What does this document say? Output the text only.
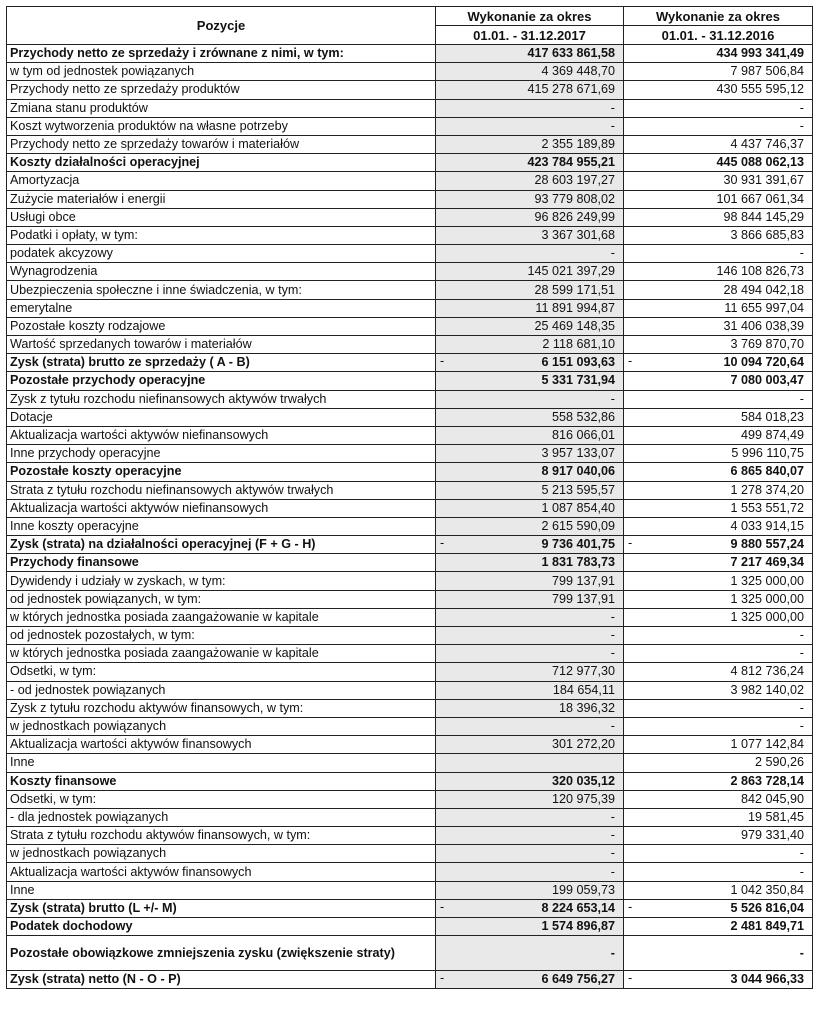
Pozycje	Wykonanie za okres	Wykonanie za okres
	01.01. - 31.12.2017	01.01. - 31.12.2016
Przychody netto ze sprzedaży i zrównane z nimi, w tym:	417 633 861,58	434 993 341,49
w tym od jednostek powiązanych	4 369 448,70	7 987 506,84
Przychody netto ze sprzedaży produktów	415 278 671,69	430 555 595,12
Zmiana stanu produktów	-	-
Koszt wytworzenia produktów na własne potrzeby	-	-
Przychody netto ze sprzedaży towarów i materiałów	2 355 189,89	4 437 746,37
Koszty działalności operacyjnej	423 784 955,21	445 088 062,13
Amortyzacja	28 603 197,27	30 931 391,67
Zużycie materiałów i energii	93 779 808,02	101 667 061,34
Usługi obce	96 826 249,99	98 844 145,29
Podatki i opłaty, w tym:	3 367 301,68	3 866 685,83
podatek akcyzowy	-	-
Wynagrodzenia	145 021 397,29	146 108 826,73
Ubezpieczenia społeczne i inne świadczenia, w tym:	28 599 171,51	28 494 042,18
emerytalne	11 891 994,87	11 655 997,04
Pozostałe koszty rodzajowe	25 469 148,35	31 406 038,39
Wartość sprzedanych towarów i materiałów	2 118 681,10	3 769 870,70
Zysk (strata) brutto ze sprzedaży ( A - B)	- 6 151 093,63	- 10 094 720,64
Pozostałe przychody operacyjne	5 331 731,94	7 080 003,47
Zysk z tytułu rozchodu niefinansowych aktywów trwałych	-	-
Dotacje	558 532,86	584 018,23
Aktualizacja wartości aktywów niefinansowych	816 066,01	499 874,49
Inne przychody operacyjne	3 957 133,07	5 996 110,75
Pozostałe koszty operacyjne	8 917 040,06	6 865 840,07
Strata z tytułu rozchodu niefinansowych aktywów trwałych	5 213 595,57	1 278 374,20
Aktualizacja wartości aktywów niefinansowych	1 087 854,40	1 553 551,72
Inne koszty operacyjne	2 615 590,09	4 033 914,15
Zysk (strata) na działalności operacyjnej (F + G - H)	- 9 736 401,75	- 9 880 557,24
Przychody finansowe	1 831 783,73	7 217 469,34
Dywidendy i udziały w zyskach, w tym:	799 137,91	1 325 000,00
od jednostek powiązanych, w tym:	799 137,91	1 325 000,00
w których jednostka posiada zaangażowanie w kapitale	-	1 325 000,00
od jednostek pozostałych, w tym:	-	-
w których jednostka posiada zaangażowanie w kapitale	-	-
Odsetki, w tym:	712 977,30	4 812 736,24
- od jednostek powiązanych	184 654,11	3 982 140,02
Zysk z tytułu rozchodu aktywów finansowych, w tym:	18 396,32	-
w jednostkach powiązanych	-	-
Aktualizacja wartości aktywów finansowych	301 272,20	1 077 142,84
Inne		2 590,26
Koszty finansowe	320 035,12	2 863 728,14
Odsetki, w tym:	120 975,39	842 045,90
- dla jednostek powiązanych	-	19 581,45
Strata z tytułu rozchodu aktywów finansowych, w tym:	-	979 331,40
w jednostkach powiązanych	-	-
Aktualizacja wartości aktywów finansowych	-	-
Inne	199 059,73	1 042 350,84
Zysk (strata) brutto (L +/- M)	- 8 224 653,14	- 5 526 816,04
Podatek dochodowy	1 574 896,87	2 481 849,71
Pozostałe obowiązkowe zmniejszenia zysku (zwiększenie straty)	-	-
Zysk (strata) netto (N - O - P)	- 6 649 756,27	- 3 044 966,33
